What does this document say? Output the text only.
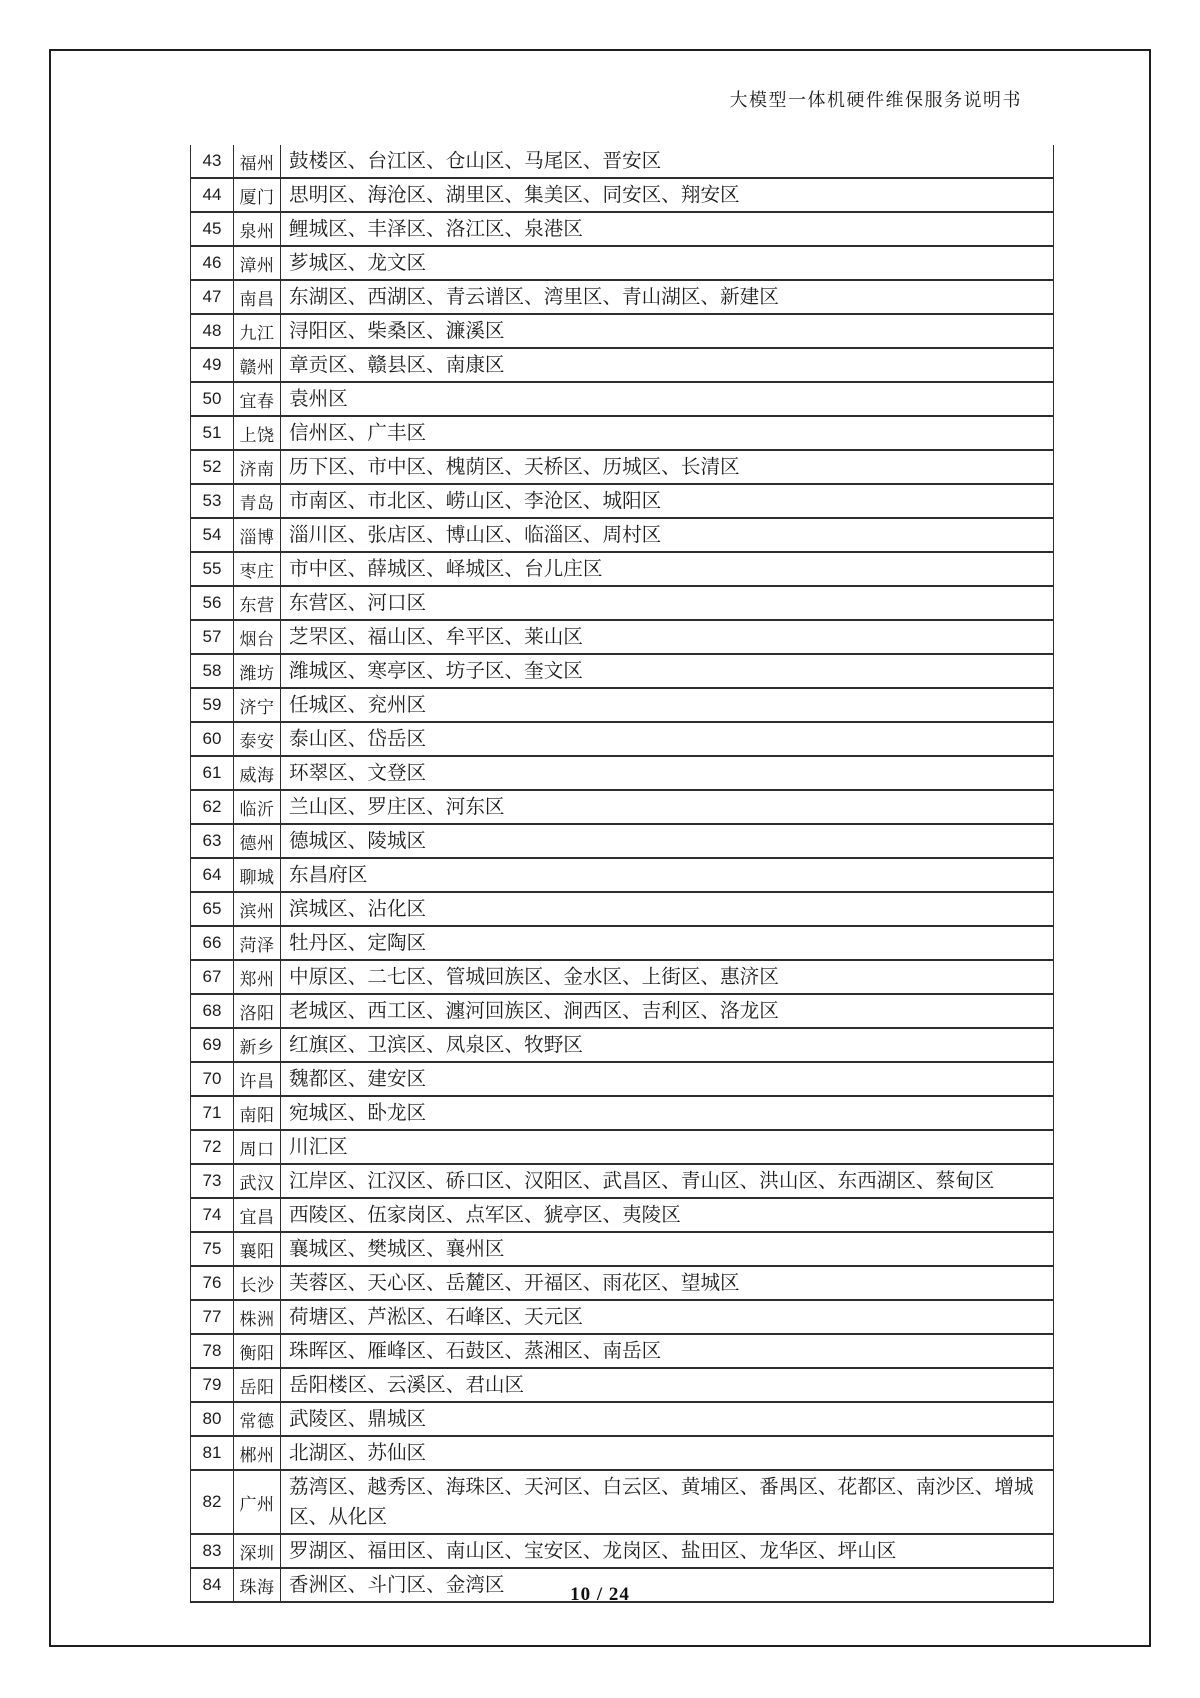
大模型一体机硬件维保服务说明书
43	福州	鼓楼区、台江区、仓山区、马尾区、晋安区
44	厦门	思明区、海沧区、湖里区、集美区、同安区、翔安区
45	泉州	鲤城区、丰泽区、洛江区、泉港区
46	漳州	芗城区、龙文区
47	南昌	东湖区、西湖区、青云谱区、湾里区、青山湖区、新建区
48	九江	浔阳区、柴桑区、濂溪区
49	赣州	章贡区、赣县区、南康区
50	宜春	袁州区
51	上饶	信州区、广丰区
52	济南	历下区、市中区、槐荫区、天桥区、历城区、长清区
53	青岛	市南区、市北区、崂山区、李沧区、城阳区
54	淄博	淄川区、张店区、博山区、临淄区、周村区
55	枣庄	市中区、薛城区、峄城区、台儿庄区
56	东营	东营区、河口区
57	烟台	芝罘区、福山区、牟平区、莱山区
58	潍坊	潍城区、寒亭区、坊子区、奎文区
59	济宁	任城区、兖州区
60	泰安	泰山区、岱岳区
61	威海	环翠区、文登区
62	临沂	兰山区、罗庄区、河东区
63	德州	德城区、陵城区
64	聊城	东昌府区
65	滨州	滨城区、沾化区
66	菏泽	牡丹区、定陶区
67	郑州	中原区、二七区、管城回族区、金水区、上街区、惠济区
68	洛阳	老城区、西工区、瀍河回族区、涧西区、吉利区、洛龙区
69	新乡	红旗区、卫滨区、凤泉区、牧野区
70	许昌	魏都区、建安区
71	南阳	宛城区、卧龙区
72	周口	川汇区
73	武汉	江岸区、江汉区、硚口区、汉阳区、武昌区、青山区、洪山区、东西湖区、蔡甸区
74	宜昌	西陵区、伍家岗区、点军区、猇亭区、夷陵区
75	襄阳	襄城区、樊城区、襄州区
76	长沙	芙蓉区、天心区、岳麓区、开福区、雨花区、望城区
77	株洲	荷塘区、芦淞区、石峰区、天元区
78	衡阳	珠晖区、雁峰区、石鼓区、蒸湘区、南岳区
79	岳阳	岳阳楼区、云溪区、君山区
80	常德	武陵区、鼎城区
81	郴州	北湖区、苏仙区
82	广州	荔湾区、越秀区、海珠区、天河区、白云区、黄埔区、番禺区、花都区、南沙区、增城区、从化区
83	深圳	罗湖区、福田区、南山区、宝安区、龙岗区、盐田区、龙华区、坪山区
84	珠海	香洲区、斗门区、金湾区	10 / 24
